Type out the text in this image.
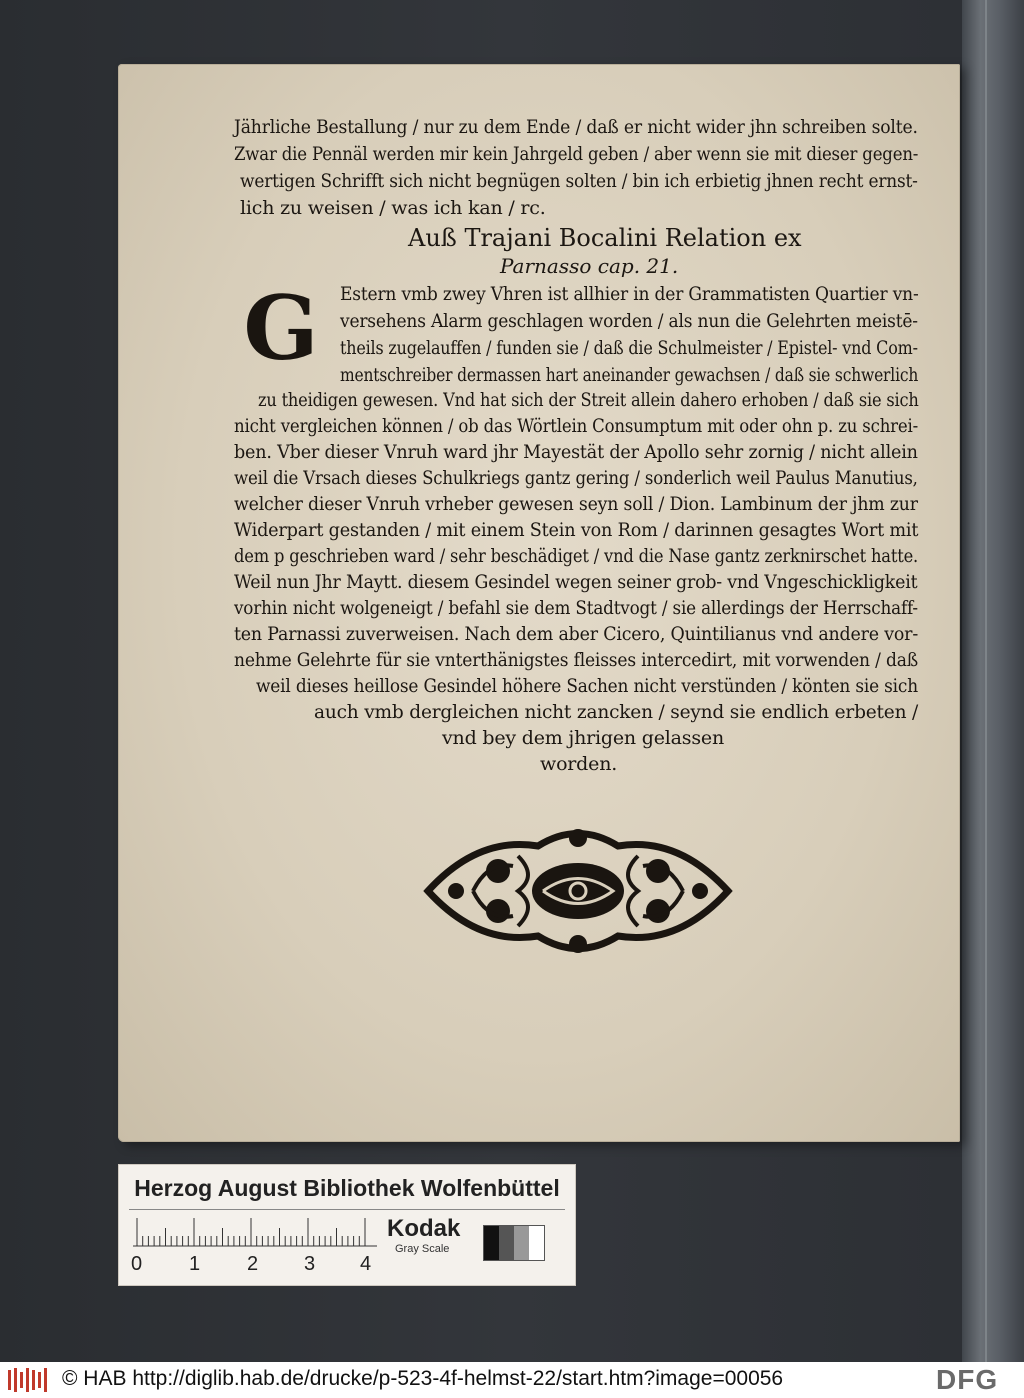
Jährliche Bestallung / nur zu dem Ende / daß er nicht wider jhn schreiben solte.
Zwar die Pennäl werden mir kein Jahrgeld geben / aber wenn sie mit dieser gegen-
wertigen Schrifft sich nicht begnügen solten / bin ich erbietig jhnen recht ernst-
lich zu weisen / was ich kan / rc.
Auß Trajani Bocalini Relation ex
Parnasso cap. 21.
G	Estern vmb zwey Vhren ist allhier in der Grammatisten Quartier vn-
versehens Alarm geschlagen worden / als nun die Gelehrten meistē-
theils zugelauffen / funden sie / daß die Schulmeister / Epistel- vnd Com-
mentschreiber dermassen hart aneinander gewachsen / daß sie schwerlich
zu theidigen gewesen. Vnd hat sich der Streit allein dahero erhoben / daß sie sich
nicht vergleichen können / ob das Wörtlein Consumptum mit oder ohn p. zu schrei-
ben. Vber dieser Vnruh ward jhr Mayestät der Apollo sehr zornig / nicht allein
weil die Vrsach dieses Schulkriegs gantz gering / sonderlich weil Paulus Manutius,
welcher dieser Vnruh vrheber gewesen seyn soll / Dion. Lambinum der jhm zur
Widerpart gestanden / mit einem Stein von Rom / darinnen gesagtes Wort mit
dem p geschrieben ward / sehr beschädiget / vnd die Nase gantz zerknirschet hatte.
Weil nun Jhr Maytt. diesem Gesindel wegen seiner grob- vnd Vngeschickligkeit
vorhin nicht wolgeneigt / befahl sie dem Stadtvogt / sie allerdings der Herrschaff-
ten Parnassi zuverweisen. Nach dem aber Cicero, Quintilianus vnd andere vor-
nehme Gelehrte für sie vnterthänigstes fleisses intercedirt, mit vorwenden / daß
weil dieses heillose Gesindel höhere Sachen nicht verstünden / könten sie sich
auch vmb dergleichen nicht zancken / seynd sie endlich erbeten /
vnd bey dem jhrigen gelassen
worden.
Herzog August Bibliothek Wolfenbüttel
0 1 2 3 4
Kodak
Gray Scale
© HAB http://diglib.hab.de/drucke/p-523-4f-helmst-22/start.htm?image=00056	DFG
